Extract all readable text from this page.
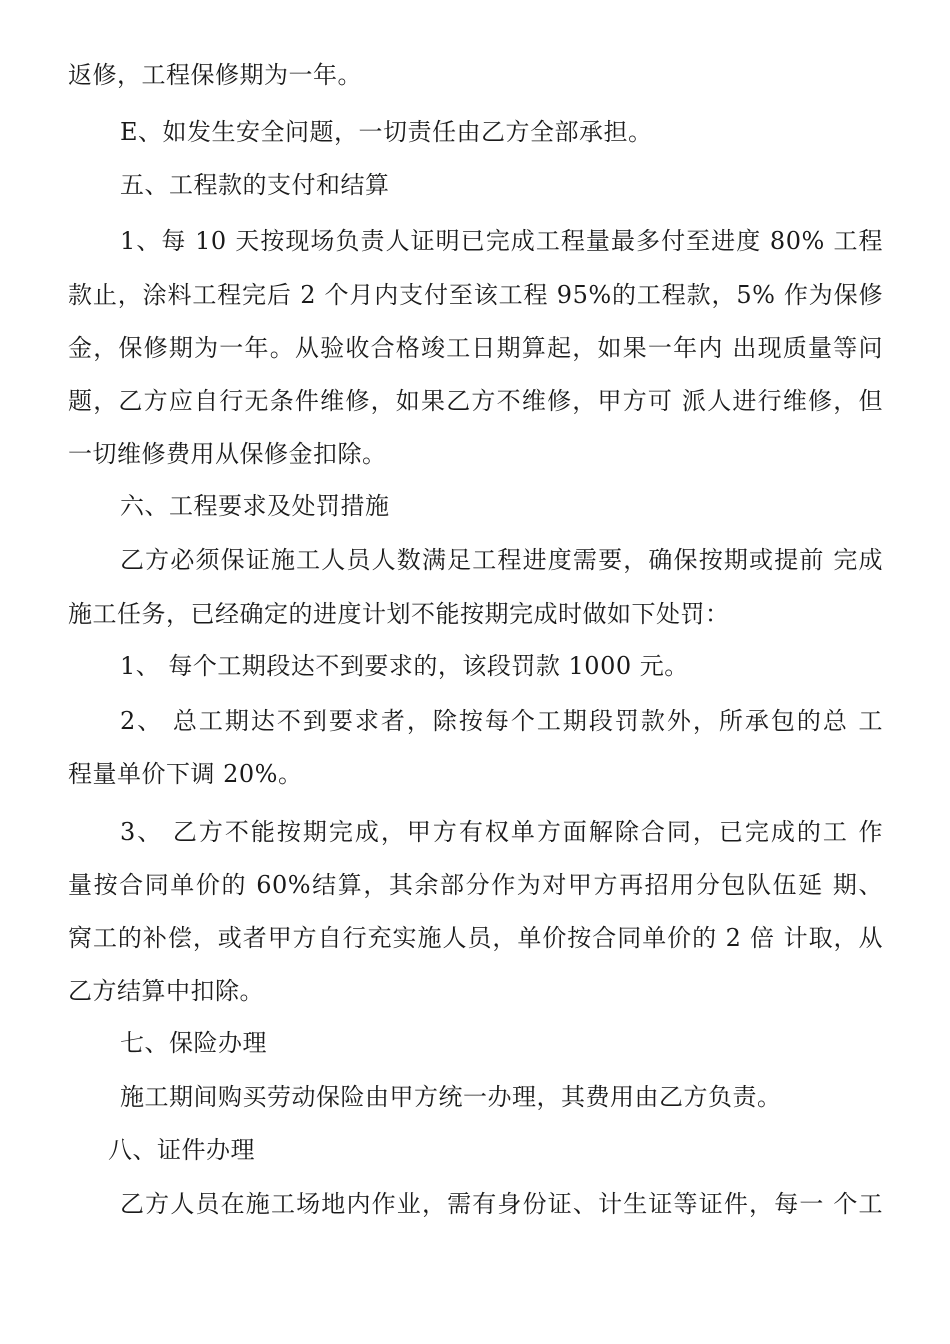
返修，工程保修期为一年。
E、如发生安全问题，一切责任由乙方全部承担。
五、工程款的支付和结算
1、每 10 天按现场负责人证明已完成工程量最多付至进度 80% 工程
款止，涂料工程完后 2 个月内支付至该工程 95%的工程款，5% 作为保修
金，保修期为一年。从验收合格竣工日期算起，如果一年内 出现质量等问
题，乙方应自行无条件维修，如果乙方不维修，甲方可 派人进行维修，但
一切维修费用从保修金扣除。
六、工程要求及处罚措施
乙方必须保证施工人员人数满足工程进度需要，确保按期或提前 完成
施工任务，已经确定的进度计划不能按期完成时做如下处罚：
1、 每个工期段达不到要求的，该段罚款 1000 元。
2、 总工期达不到要求者，除按每个工期段罚款外，所承包的总 工
程量单价下调 20%。
3、 乙方不能按期完成，甲方有权单方面解除合同，已完成的工 作
量按合同单价的 60%结算，其余部分作为对甲方再招用分包队伍延 期、
窝工的补偿，或者甲方自行充实施人员，单价按合同单价的 2 倍 计取，从
乙方结算中扣除。
七、保险办理
施工期间购买劳动保险由甲方统一办理，其费用由乙方负责。
八、证件办理
乙方人员在施工场地内作业，需有身份证、计生证等证件，每一 个工
